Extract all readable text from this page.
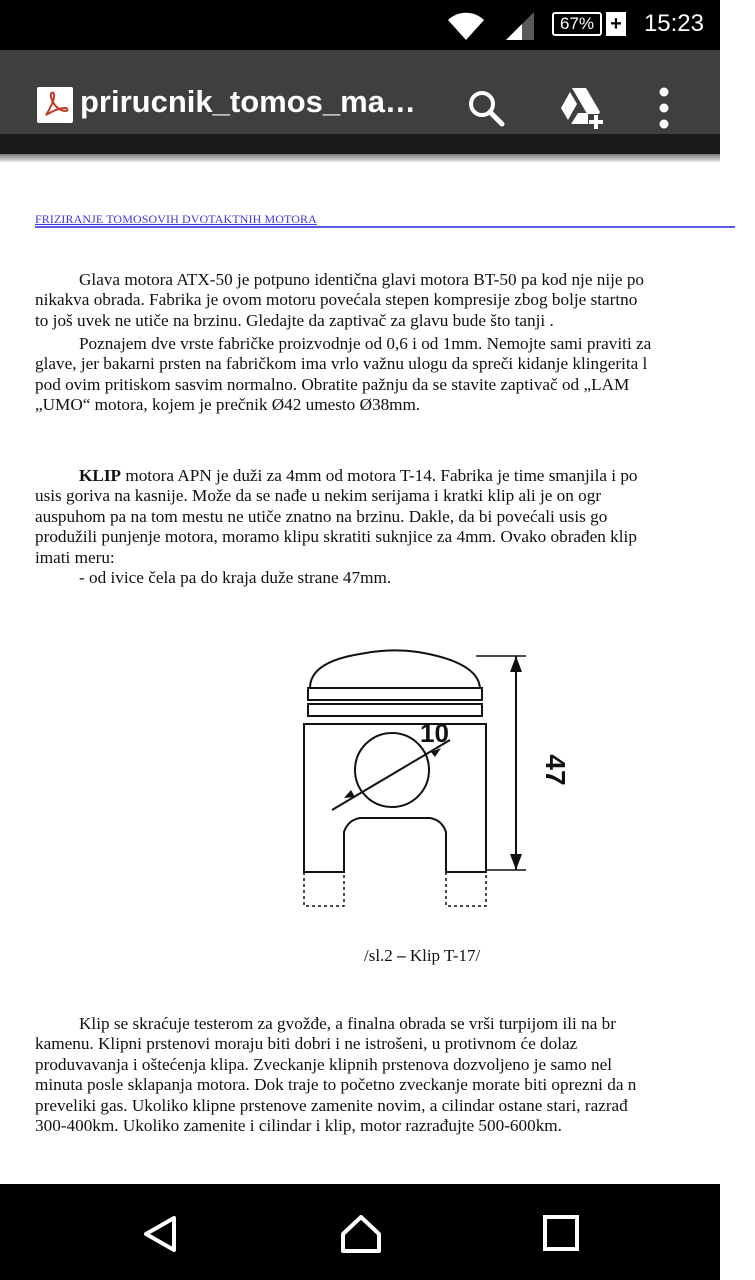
67% + 15:23
prirucnik_tomos_ma…
FRIZIRANJE TOMOSOVIH DVOTAKTNIH MOTORA
Glava motora ATX-50 je potpuno identična glavi motora BT-50 pa kod nje nije po
nikakva obrada. Fabrika je ovom motoru povećala stepen kompresije zbog bolje startno
to još uvek ne utiče na brzinu. Gledajte da zaptivač za glavu bude što tanji .
Poznajem dve vrste fabričke proizvodnje od 0,6 i od 1mm. Nemojte sami praviti za
glave, jer bakarni prsten na fabričkom ima vrlo važnu ulogu da spreči kidanje klingerita l
pod ovim pritiskom sasvim normalno. Obratite pažnju da se stavite zaptivač od „LAM
„UMO“ motora, kojem je prečnik Ø42 umesto Ø38mm.
KLIP motora APN je duži za 4mm od motora T-14. Fabrika je time smanjila i po
usis goriva na kasnije. Može da se nađe u nekim serijama i kratki klip ali je on ogr
auspuhom pa na tom mestu ne utiče znatno na brzinu. Dakle, da bi povećali usis go
produžili punjenje motora, moramo klipu skratiti suknjice za 4mm. Ovako obrađen klip
imati meru:
- od ivice čela pa do kraja duže strane 47mm.
10
47
/sl.2 – Klip T-17/
Klip se skraćuje testerom za gvožđe, a finalna obrada se vrši turpijom ili na br
kamenu. Klipni prstenovi moraju biti dobri i ne istrošeni, u protivnom će dolaz
produvavanja i oštećenja klipa. Zveckanje klipnih prstenova dozvoljeno je samo nel
minuta posle sklapanja motora. Dok traje to početno zveckanje morate biti oprezni da n
preveliki gas. Ukoliko klipne prstenove zamenite novim, a cilindar ostane stari, razrađ
300-400km. Ukoliko zamenite i cilindar i klip, motor razrađujte 500-600km.
